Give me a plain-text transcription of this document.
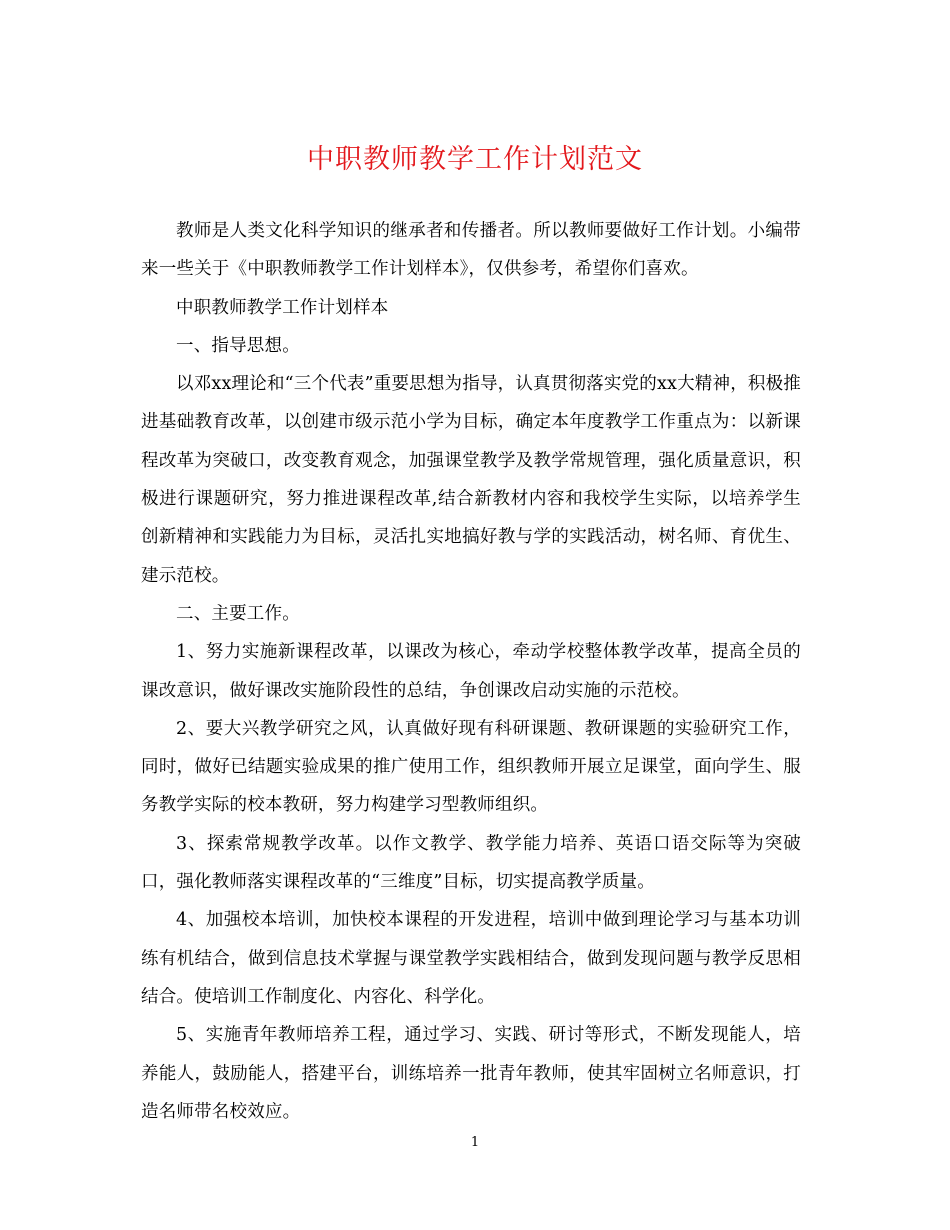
中职教师教学工作计划范文

教师是人类文化科学知识的继承者和传播者。所以教师要做好工作计划。小编带来一些关于《中职教师教学工作计划样本》，仅供参考，希望你们喜欢。

中职教师教学工作计划样本

一、指导思想。

以邓xx理论和“三个代表”重要思想为指导，认真贯彻落实党的xx大精神，积极推进基础教育改革，以创建市级示范小学为目标，确定本年度教学工作重点为：以新课程改革为突破口，改变教育观念，加强课堂教学及教学常规管理，强化质量意识，积极进行课题研究，努力推进课程改革,结合新教材内容和我校学生实际，以培养学生创新精神和实践能力为目标，灵活扎实地搞好教与学的实践活动，树名师、育优生、建示范校。

二、主要工作。

1、努力实施新课程改革，以课改为核心，牵动学校整体教学改革，提高全员的课改意识，做好课改实施阶段性的总结，争创课改启动实施的示范校。

2、要大兴教学研究之风，认真做好现有科研课题、教研课题的实验研究工作，同时，做好已结题实验成果的推广使用工作，组织教师开展立足课堂，面向学生、服务教学实际的校本教研，努力构建学习型教师组织。

3、探索常规教学改革。以作文教学、教学能力培养、英语口语交际等为突破口，强化教师落实课程改革的“三维度”目标，切实提高教学质量。

4、加强校本培训，加快校本课程的开发进程，培训中做到理论学习与基本功训练有机结合，做到信息技术掌握与课堂教学实践相结合，做到发现问题与教学反思相结合。使培训工作制度化、内容化、科学化。

5、实施青年教师培养工程，通过学习、实践、研讨等形式，不断发现能人，培养能人，鼓励能人，搭建平台，训练培养一批青年教师，使其牢固树立名师意识，打造名师带名校效应。

1
